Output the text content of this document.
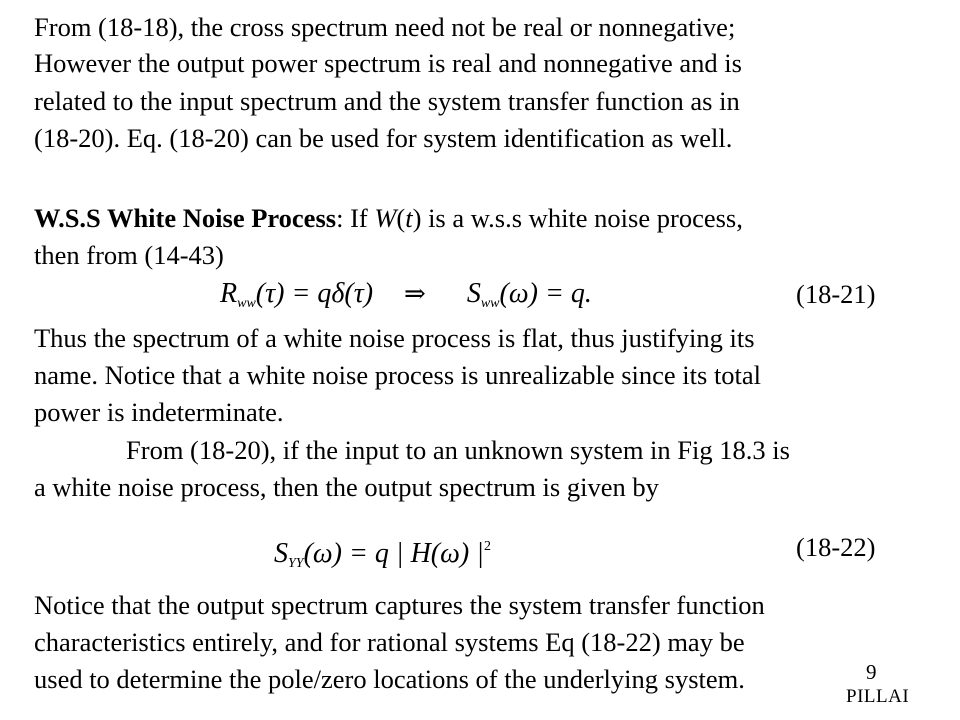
From (18-18), the cross spectrum need not be real or nonnegative;

However the output power spectrum is real and nonnegative and is

related to the input spectrum and the system transfer function as in

(18-20). Eq. (18-20) can be used for system identification as well.

W.S.S White Noise Process: If W(t) is a w.s.s white noise process,

then from (14-43)

$R_{ww}(\tau) = q\delta(\tau)$ ⇒ $S_{ww}(\omega) = q$.	(18-21)

Thus the spectrum of a white noise process is flat, thus justifying its

name. Notice that a white noise process is unrealizable since its total

power is indeterminate.

From (18-20), if the input to an unknown system in Fig 18.3 is

a white noise process, then the output spectrum is given by

$S_{YY}(\omega) = q$ | H(ω) $|^2$	(18-22)

Notice that the output spectrum captures the system transfer function

characteristics entirely, and for rational systems Eq (18-22) may be

used to determine the pole/zero locations of the underlying system.	9
PILLAI
